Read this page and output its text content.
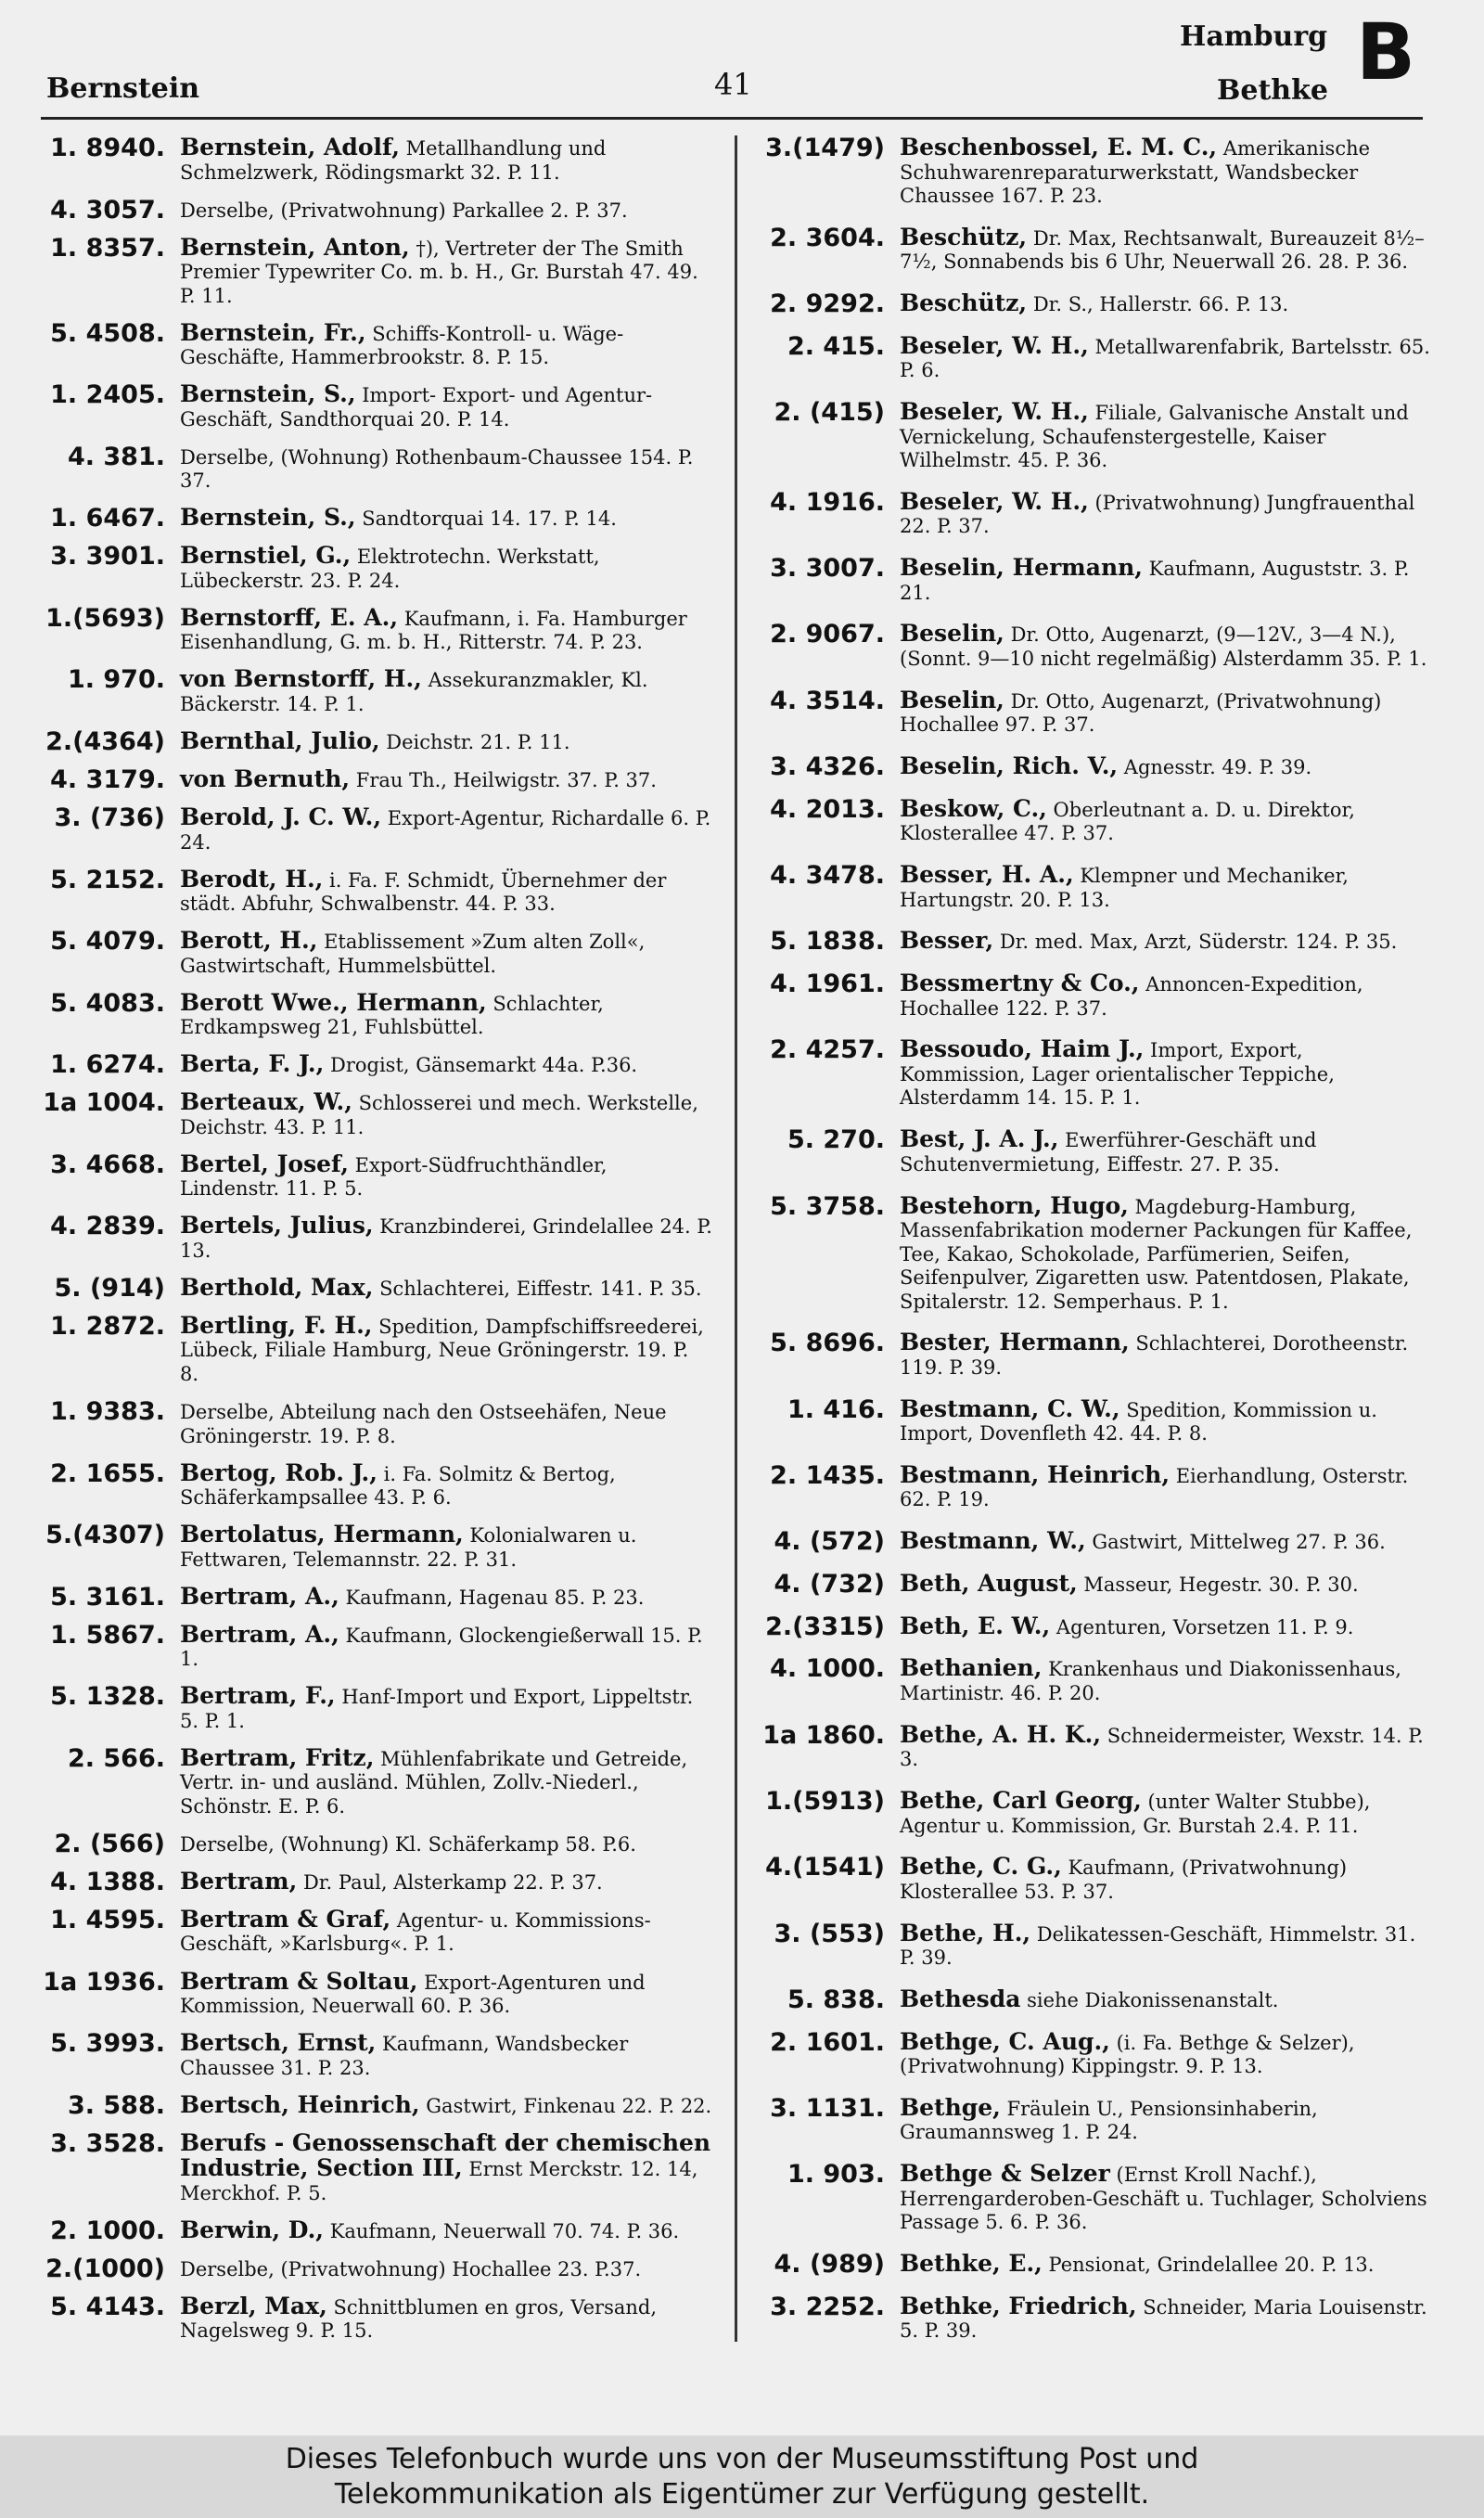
Bernstein	41
Hamburg
Bethke B
1. 8940. Bernstein, Adolf, Metallhandlung und Schmelzwerk, Rödingsmarkt 32. P. 11.
4. 3057. Derselbe, (Privatwohnung) Parkallee 2. P. 37.
1. 8357. Bernstein, Anton, †), Vertreter der The Smith Premier Typewriter Co. m. b. H., Gr. Burstah 47. 49. P. 11.
5. 4508. Bernstein, Fr., Schiffs-Kontroll- u. Wäge-Geschäfte, Hammerbrookstr. 8. P. 15.
1. 2405. Bernstein, S., Import- Export- und Agentur-Geschäft, Sandthorquai 20. P. 14.
4. 381. Derselbe, (Wohnung) Rothenbaum-Chaussee 154. P. 37.
1. 6467. Bernstein, S., Sandtorquai 14. 17. P. 14.
3. 3901. Bernstiel, G., Elektrotechn. Werkstatt, Lübeckerstr. 23. P. 24.
1.(5693) Bernstorff, E. A., Kaufmann, i. Fa. Hamburger Eisenhandlung, G. m. b. H., Ritterstr. 74. P. 23.
1. 970. von Bernstorff, H., Assekuranzmakler, Kl. Bäckerstr. 14. P. 1.
2.(4364) Bernthal, Julio, Deichstr. 21. P. 11.
4. 3179. von Bernuth, Frau Th., Heilwigstr. 37. P. 37.
3. (736) Berold, J. C. W., Export-Agentur, Richardalle 6. P. 24.
5. 2152. Berodt, H., i. Fa. F. Schmidt, Übernehmer der städt. Abfuhr, Schwalbenstr. 44. P. 33.
5. 4079. Berott, H., Etablissement »Zum alten Zoll«, Gastwirtschaft, Hummelsbüttel.
5. 4083. Berott Wwe., Hermann, Schlachter, Erdkampsweg 21, Fuhlsbüttel.
1. 6274. Berta, F. J., Drogist, Gänsemarkt 44a. P.36.
1a 1004. Berteaux, W., Schlosserei und mech. Werkstelle, Deichstr. 43. P. 11.
3. 4668. Bertel, Josef, Export-Südfruchthändler, Lindenstr. 11. P. 5.
4. 2839. Bertels, Julius, Kranzbinderei, Grindelallee 24. P. 13.
5. (914) Berthold, Max, Schlachterei, Eiffestr. 141. P. 35.
1. 2872. Bertling, F. H., Spedition, Dampfschiffsreederei, Lübeck, Filiale Hamburg, Neue Gröningerstr. 19. P. 8.
1. 9383. Derselbe, Abteilung nach den Ostseehäfen, Neue Gröningerstr. 19. P. 8.
2. 1655. Bertog, Rob. J., i. Fa. Solmitz & Bertog, Schäferkampsallee 43. P. 6.
5.(4307) Bertolatus, Hermann, Kolonialwaren u. Fettwaren, Telemannstr. 22. P. 31.
5. 3161. Bertram, A., Kaufmann, Hagenau 85. P. 23.
1. 5867. Bertram, A., Kaufmann, Glockengießerwall 15. P. 1.
5. 1328. Bertram, F., Hanf-Import und Export, Lippeltstr. 5. P. 1.
2. 566. Bertram, Fritz, Mühlenfabrikate und Getreide, Vertr. in- und ausländ. Mühlen, Zollv.-Niederl., Schönstr. E. P. 6.
2. (566) Derselbe, (Wohnung) Kl. Schäferkamp 58. P.6.
4. 1388. Bertram, Dr. Paul, Alsterkamp 22. P. 37.
1. 4595. Bertram & Graf, Agentur- u. Kommissions-Geschäft, »Karlsburg«. P. 1.
1a 1936. Bertram & Soltau, Export-Agenturen und Kommission, Neuerwall 60. P. 36.
5. 3993. Bertsch, Ernst, Kaufmann, Wandsbecker Chaussee 31. P. 23.
3. 588. Bertsch, Heinrich, Gastwirt, Finkenau 22. P. 22.
3. 3528. Berufs - Genossenschaft der chemischen Industrie, Section III, Ernst Merckstr. 12. 14, Merckhof. P. 5.
2. 1000. Berwin, D., Kaufmann, Neuerwall 70. 74. P. 36.
2.(1000) Derselbe, (Privatwohnung) Hochallee 23. P.37.
5. 4143. Berzl, Max, Schnittblumen en gros, Versand, Nagelsweg 9. P. 15.
3.(1479) Beschenbossel, E. M. C., Amerikanische Schuhwarenreparaturwerkstatt, Wandsbecker Chaussee 167. P. 23.
2. 3604. Beschütz, Dr. Max, Rechtsanwalt, Bureauzeit 8½–7½, Sonnabends bis 6 Uhr, Neuerwall 26. 28. P. 36.
2. 9292. Beschütz, Dr. S., Hallerstr. 66. P. 13.
2. 415. Beseler, W. H., Metallwarenfabrik, Bartelsstr. 65. P. 6.
2. (415) Beseler, W. H., Filiale, Galvanische Anstalt und Vernickelung, Schaufenstergestelle, Kaiser Wilhelmstr. 45. P. 36.
4. 1916. Beseler, W. H., (Privatwohnung) Jungfrauenthal 22. P. 37.
3. 3007. Beselin, Hermann, Kaufmann, Auguststr. 3. P. 21.
2. 9067. Beselin, Dr. Otto, Augenarzt, (9—12V., 3—4 N.), (Sonnt. 9—10 nicht regelmäßig) Alsterdamm 35. P. 1.
4. 3514. Beselin, Dr. Otto, Augenarzt, (Privatwohnung) Hochallee 97. P. 37.
3. 4326. Beselin, Rich. V., Agnesstr. 49. P. 39.
4. 2013. Beskow, C., Oberleutnant a. D. u. Direktor, Klosterallee 47. P. 37.
4. 3478. Besser, H. A., Klempner und Mechaniker, Hartungstr. 20. P. 13.
5. 1838. Besser, Dr. med. Max, Arzt, Süderstr. 124. P. 35.
4. 1961. Bessmertny & Co., Annoncen-Expedition, Hochallee 122. P. 37.
2. 4257. Bessoudo, Haim J., Import, Export, Kommission, Lager orientalischer Teppiche, Alsterdamm 14. 15. P. 1.
5. 270. Best, J. A. J., Ewerführer-Geschäft und Schutenvermietung, Eiffestr. 27. P. 35.
5. 3758. Bestehorn, Hugo, Magdeburg-Hamburg, Massenfabrikation moderner Packungen für Kaffee, Tee, Kakao, Schokolade, Parfümerien, Seifen, Seifenpulver, Zigaretten usw. Patentdosen, Plakate, Spitalerstr. 12. Semperhaus. P. 1.
5. 8696. Bester, Hermann, Schlachterei, Dorotheenstr. 119. P. 39.
1. 416. Bestmann, C. W., Spedition, Kommission u. Import, Dovenfleth 42. 44. P. 8.
2. 1435. Bestmann, Heinrich, Eierhandlung, Osterstr. 62. P. 19.
4. (572) Bestmann, W., Gastwirt, Mittelweg 27. P. 36.
4. (732) Beth, August, Masseur, Hegestr. 30. P. 30.
2.(3315) Beth, E. W., Agenturen, Vorsetzen 11. P. 9.
4. 1000. Bethanien, Krankenhaus und Diakonissenhaus, Martinistr. 46. P. 20.
1a 1860. Bethe, A. H. K., Schneidermeister, Wexstr. 14. P. 3.
1.(5913) Bethe, Carl Georg, (unter Walter Stubbe), Agentur u. Kommission, Gr. Burstah 2.4. P. 11.
4.(1541) Bethe, C. G., Kaufmann, (Privatwohnung) Klosterallee 53. P. 37.
3. (553) Bethe, H., Delikatessen-Geschäft, Himmelstr. 31. P. 39.
5. 838. Bethesda siehe Diakonissenanstalt.
2. 1601. Bethge, C. Aug., (i. Fa. Bethge & Selzer), (Privatwohnung) Kippingstr. 9. P. 13.
3. 1131. Bethge, Fräulein U., Pensionsinhaberin, Graumannsweg 1. P. 24.
1. 903. Bethge & Selzer (Ernst Kroll Nachf.), Herrengarderoben-Geschäft u. Tuchlager, Scholviens Passage 5. 6. P. 36.
4. (989) Bethke, E., Pensionat, Grindelallee 20. P. 13.
3. 2252. Bethke, Friedrich, Schneider, Maria Louisenstr. 5. P. 39.
Dieses Telefonbuch wurde uns von der Museumsstiftung Post und
Telekommunikation als Eigentümer zur Verfügung gestellt.
